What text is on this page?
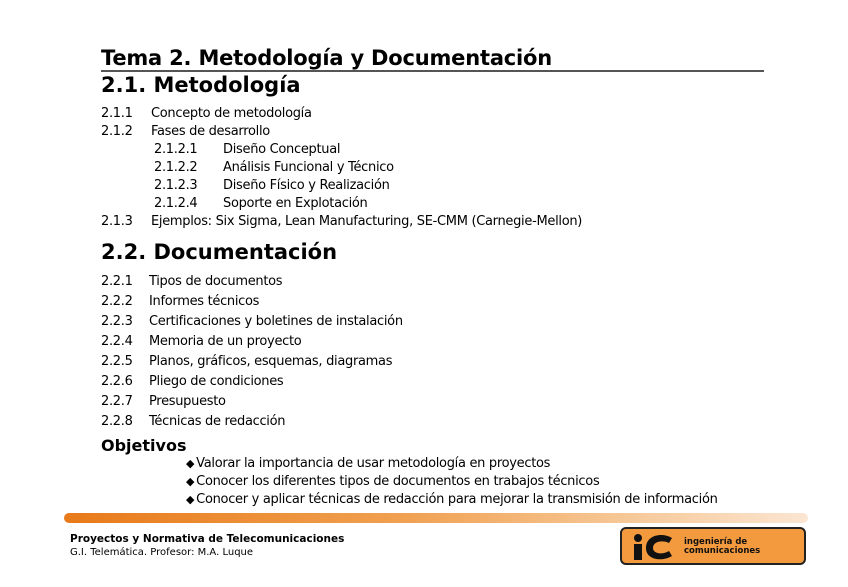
Tema 2. Metodología y Documentación
2.1. Metodología
2.1.1 Concepto de metodología
2.1.2 Fases de desarrollo
2.1.2.1 Diseño Conceptual
2.1.2.2 Análisis Funcional y Técnico
2.1.2.3 Diseño Físico y Realización
2.1.2.4 Soporte en Explotación
2.1.3 Ejemplos: Six Sigma, Lean Manufacturing, SE-CMM (Carnegie-Mellon)
2.2. Documentación
2.2.1 Tipos de documentos
2.2.2 Informes técnicos
2.2.3 Certificaciones y boletines de instalación
2.2.4 Memoria de un proyecto
2.2.5 Planos, gráficos, esquemas, diagramas
2.2.6 Pliego de condiciones
2.2.7 Presupuesto
2.2.8 Técnicas de redacción
Objetivos
◆ Valorar la importancia de usar metodología en proyectos
◆ Conocer los diferentes tipos de documentos en trabajos técnicos
◆ Conocer y aplicar técnicas de redacción para mejorar la transmisión de información
Proyectos y Normativa de Telecomunicaciones
G.I. Telemática. Profesor: M.A. Luque
ingeniería de
comunicaciones
